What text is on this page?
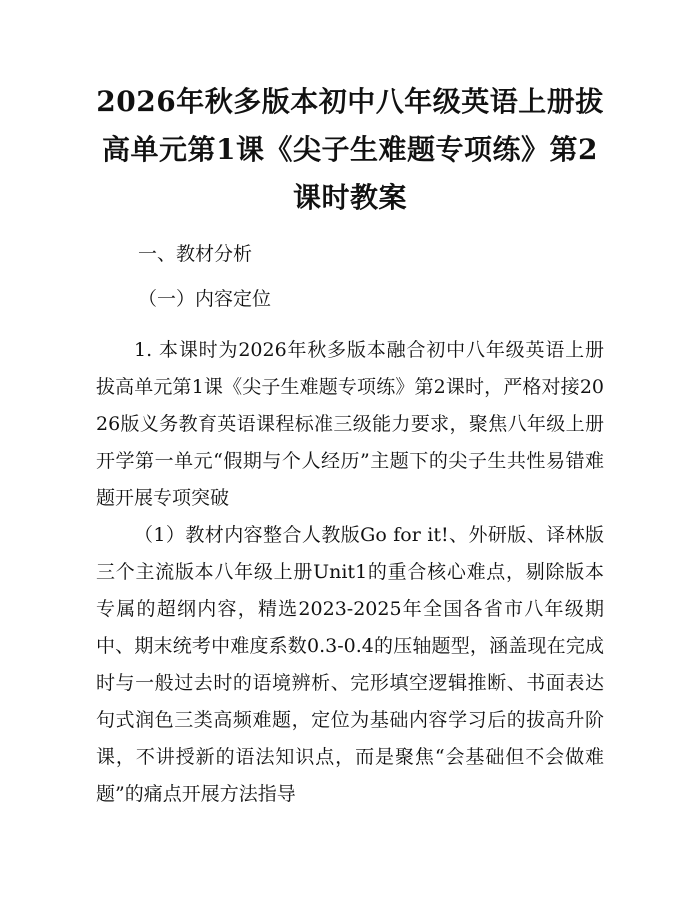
2026年秋多版本初中八年级英语上册拔高单元第1课《尖子生难题专项练》第2课时教案
一、教材分析
（一）内容定位
1. 本课时为2026年秋多版本融合初中八年级英语上册拔高单元第1课《尖子生难题专项练》第2课时，严格对接2026版义务教育英语课程标准三级能力要求，聚焦八年级上册开学第一单元“假期与个人经历”主题下的尖子生共性易错难题开展专项突破
（1）教材内容整合人教版Go for it!、外研版、译林版三个主流版本八年级上册Unit1的重合核心难点，剔除版本专属的超纲内容，精选2023-2025年全国各省市八年级期中、期末统考中难度系数0.3-0.4的压轴题型，涵盖现在完成时与一般过去时的语境辨析、完形填空逻辑推断、书面表达句式润色三类高频难题，定位为基础内容学习后的拔高升阶课，不讲授新的语法知识点，而是聚焦“会基础但不会做难题”的痛点开展方法指导
